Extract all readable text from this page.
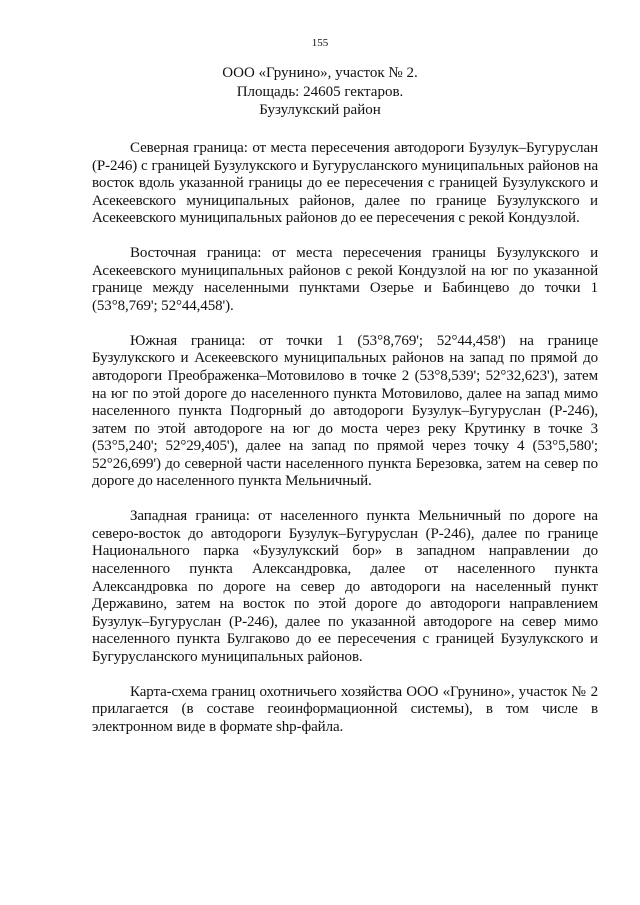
155
ООО «Грунино», участок № 2.
Площадь: 24605 гектаров.
Бузулукский район

Северная граница: от места пересечения автодороги Бузулук–Бугуруслан (Р-246) с границей Бузулукского и Бугурусланского муниципальных районов на восток вдоль указанной границы до ее пересечения с границей Бузулукского и Асекеевского муниципальных районов, далее по границе Бузулукского и Асекеевского муниципальных районов до ее пересечения с рекой Кондузлой.

Восточная граница: от места пересечения границы Бузулукского и Асекеевского муниципальных районов с рекой Кондузлой на юг по указанной границе между населенными пунктами Озерье и Бабинцево до точки 1 (53°8,769'; 52°44,458').

Южная граница: от точки 1 (53°8,769'; 52°44,458') на границе Бузулукского и Асекеевского муниципальных районов на запад по прямой до автодороги Преображенка–Мотовилово в точке 2 (53°8,539'; 52°32,623'), затем на юг по этой дороге до населенного пункта Мотовилово, далее на запад мимо населенного пункта Подгорный до автодороги Бузулук–Бугуруслан (Р-246), затем по этой автодороге на юг до моста через реку Крутинку в точке 3 (53°5,240'; 52°29,405'), далее на запад по прямой через точку 4 (53°5,580'; 52°26,699') до северной части населенного пункта Березовка, затем на север по дороге до населенного пункта Мельничный.

Западная граница: от населенного пункта Мельничный по дороге на северо-восток до автодороги Бузулук–Бугуруслан (Р-246), далее по границе Национального парка «Бузулукский бор» в западном направлении до населенного пункта Александровка, далее от населенного пункта Александровка по дороге на север до автодороги на населенный пункт Державино, затем на восток по этой дороге до автодороги направлением Бузулук–Бугуруслан (Р-246), далее по указанной автодороге на север мимо населенного пункта Булгаково до ее пересечения с границей Бузулукского и Бугурусланского муниципальных районов.

Карта-схема границ охотничьего хозяйства ООО «Грунино», участок № 2 прилагается (в составе геоинформационной системы), в том числе в электронном виде в формате shp-файла.
